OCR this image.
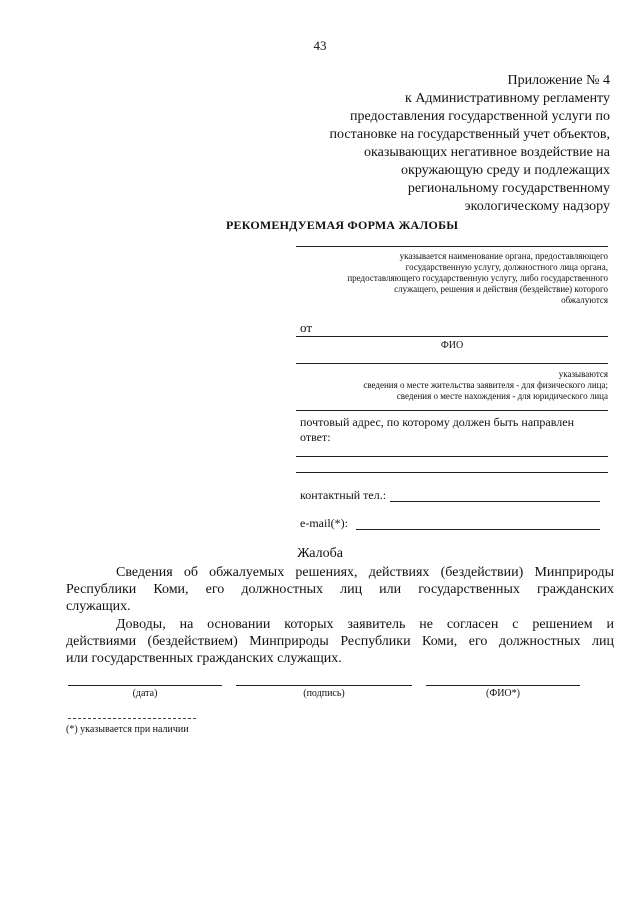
43
Приложение № 4
к Административному регламенту
предоставления государственной услуги по
постановке на государственный учет объектов,
оказывающих негативное воздействие на
окружающую среду и подлежащих
региональному государственному
экологическому надзору
РЕКОМЕНДУЕМАЯ ФОРМА ЖАЛОБЫ
указывается наименование органа, предоставляющего
государственную услугу, должностного лица органа,
предоставляющего государственную услугу, либо государственного
служащего, решения и действия (бездействие) которого
обжалуются
от
ФИО
указываются
сведения о месте жительства заявителя - для физического лица;
сведения о месте нахождения - для юридического лица
почтовый адрес, по которому должен быть направлен
ответ:
контактный тел.:
e-mail(*):
Жалоба
Сведения об обжалуемых решениях, действиях (бездействии) Минприроды
Республики Коми, его должностных лиц или государственных гражданских
служащих.
Доводы, на основании которых заявитель не согласен с решением и
действиями (бездействием) Минприроды Республики Коми, его должностных лиц
или государственных гражданских служащих.
(дата)	(подпись)	(ФИО*)
(*) указывается при наличии
